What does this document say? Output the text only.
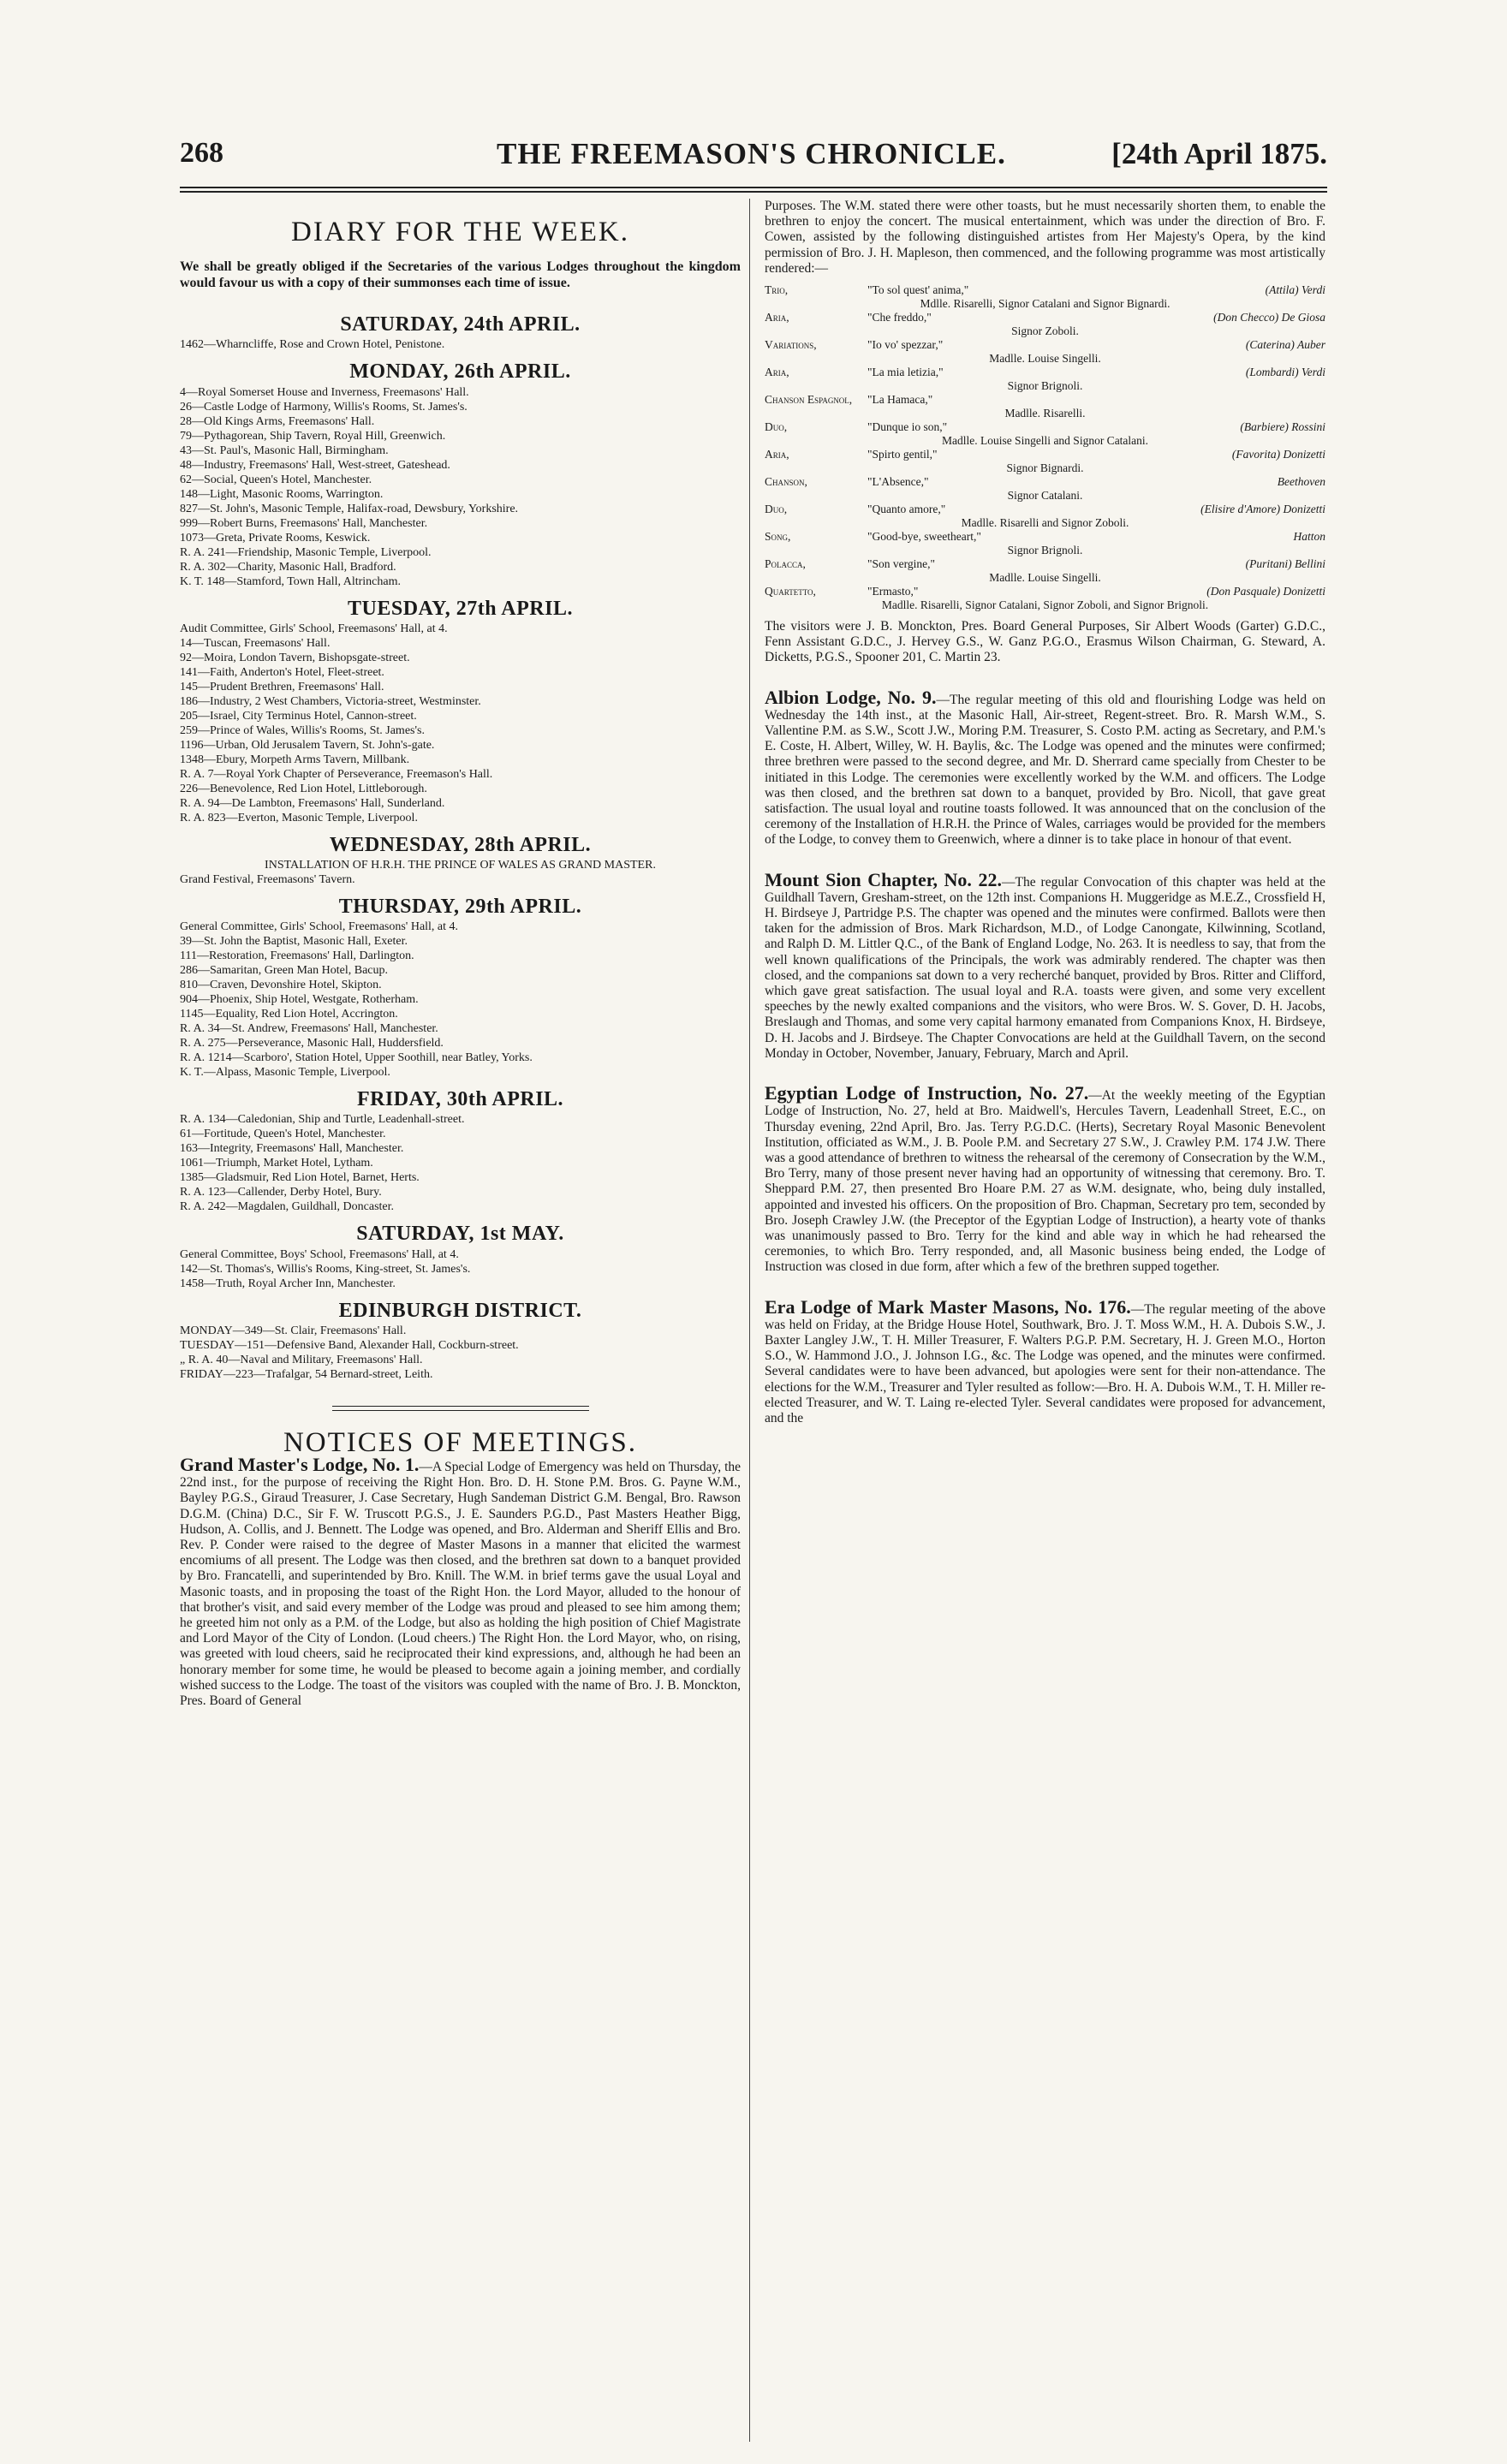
268	THE FREEMASON'S CHRONICLE.	[24th April 1875.
DIARY FOR THE WEEK.

We shall be greatly obliged if the Secretaries of the various Lodges throughout the kingdom would favour us with a copy of their summonses each time of issue.

SATURDAY, 24th APRIL.
1462—Wharncliffe, Rose and Crown Hotel, Penistone.
MONDAY, 26th APRIL.
4—Royal Somerset House and Inverness, Freemasons' Hall.
26—Castle Lodge of Harmony, Willis's Rooms, St. James's.
28—Old Kings Arms, Freemasons' Hall.
79—Pythagorean, Ship Tavern, Royal Hill, Greenwich.
43—St. Paul's, Masonic Hall, Birmingham.
48—Industry, Freemasons' Hall, West-street, Gateshead.
62—Social, Queen's Hotel, Manchester.
148—Light, Masonic Rooms, Warrington.
827—St. John's, Masonic Temple, Halifax-road, Dewsbury, Yorkshire.
999—Robert Burns, Freemasons' Hall, Manchester.
1073—Greta, Private Rooms, Keswick.
R. A. 241—Friendship, Masonic Temple, Liverpool.
R. A. 302—Charity, Masonic Hall, Bradford.
K. T. 148—Stamford, Town Hall, Altrincham.
TUESDAY, 27th APRIL.
Audit Committee, Girls' School, Freemasons' Hall, at 4.
14—Tuscan, Freemasons' Hall.
92—Moira, London Tavern, Bishopsgate-street.
141—Faith, Anderton's Hotel, Fleet-street.
145—Prudent Brethren, Freemasons' Hall.
186—Industry, 2 West Chambers, Victoria-street, Westminster.
205—Israel, City Terminus Hotel, Cannon-street.
259—Prince of Wales, Willis's Rooms, St. James's.
1196—Urban, Old Jerusalem Tavern, St. John's-gate.
1348—Ebury, Morpeth Arms Tavern, Millbank.
R. A. 7—Royal York Chapter of Perseverance, Freemason's Hall.
226—Benevolence, Red Lion Hotel, Littleborough.
R. A. 94—De Lambton, Freemasons' Hall, Sunderland.
R. A. 823—Everton, Masonic Temple, Liverpool.
WEDNESDAY, 28th APRIL.
INSTALLATION OF H.R.H. THE PRINCE OF WALES AS GRAND MASTER.
Grand Festival, Freemasons' Tavern.
THURSDAY, 29th APRIL.
General Committee, Girls' School, Freemasons' Hall, at 4.
39—St. John the Baptist, Masonic Hall, Exeter.
111—Restoration, Freemasons' Hall, Darlington.
286—Samaritan, Green Man Hotel, Bacup.
810—Craven, Devonshire Hotel, Skipton.
904—Phoenix, Ship Hotel, Westgate, Rotherham.
1145—Equality, Red Lion Hotel, Accrington.
R. A. 34—St. Andrew, Freemasons' Hall, Manchester.
R. A. 275—Perseverance, Masonic Hall, Huddersfield.
R. A. 1214—Scarboro', Station Hotel, Upper Soothill, near Batley, Yorks.
K. T.—Alpass, Masonic Temple, Liverpool.
FRIDAY, 30th APRIL.
R. A. 134—Caledonian, Ship and Turtle, Leadenhall-street.
61—Fortitude, Queen's Hotel, Manchester.
163—Integrity, Freemasons' Hall, Manchester.
1061—Triumph, Market Hotel, Lytham.
1385—Gladsmuir, Red Lion Hotel, Barnet, Herts.
R. A. 123—Callender, Derby Hotel, Bury.
R. A. 242—Magdalen, Guildhall, Doncaster.
SATURDAY, 1st MAY.
General Committee, Boys' School, Freemasons' Hall, at 4.
142—St. Thomas's, Willis's Rooms, King-street, St. James's.
1458—Truth, Royal Archer Inn, Manchester.
EDINBURGH DISTRICT.
MONDAY—349—St. Clair, Freemasons' Hall.
TUESDAY—151—Defensive Band, Alexander Hall, Cockburn-street.
„ R. A. 40—Naval and Military, Freemasons' Hall.
FRIDAY—223—Trafalgar, 54 Bernard-street, Leith.
NOTICES OF MEETINGS.

Grand Master's Lodge, No. 1.—A Special Lodge of Emergency was held on Thursday, the 22nd inst., for the purpose of receiving the Right Hon. Bro. D. H. Stone P.M. Bros. G. Payne W.M., Bayley P.G.S., Giraud Treasurer, J. Case Secretary, Hugh Sandeman District G.M. Bengal, Bro. Rawson D.G.M. (China) D.C., Sir F. W. Truscott P.G.S., J. E. Saunders P.G.D., Past Masters Heather Bigg, Hudson, A. Collis, and J. Bennett. The Lodge was opened, and Bro. Alderman and Sheriff Ellis and Bro. Rev. P. Conder were raised to the degree of Master Masons in a manner that elicited the warmest encomiums of all present. The Lodge was then closed, and the brethren sat down to a banquet provided by Bro. Francatelli, and superintended by Bro. Knill. The W.M. in brief terms gave the usual Loyal and Masonic toasts, and in proposing the toast of the Right Hon. the Lord Mayor, alluded to the honour of that brother's visit, and said every member of the Lodge was proud and pleased to see him among them; he greeted him not only as a P.M. of the Lodge, but also as holding the high position of Chief Magistrate and Lord Mayor of the City of London. (Loud cheers.) The Right Hon. the Lord Mayor, who, on rising, was greeted with loud cheers, said he reciprocated their kind expressions, and, although he had been an honorary member for some time, he would be pleased to become again a joining member, and cordially wished success to the Lodge. The toast of the visitors was coupled with the name of Bro. J. B. Monckton, Pres. Board of General

Purposes. The W.M. stated there were other toasts, but he must necessarily shorten them, to enable the brethren to enjoy the concert. The musical entertainment, which was under the direction of Bro. F. Cowen, assisted by the following distinguished artistes from Her Majesty's Opera, by the kind permission of Bro. J. H. Mapleson, then commenced, and the following programme was most artistically rendered:—

Trio,	"To sol quest' anima,"	(Attila) Verdi
Mdlle. Risarelli, Signor Catalani and Signor Bignardi.
Aria,	"Che freddo,"	(Don Checco) De Giosa
Signor Zoboli.
Variations,	"Io vo' spezzar,"	(Caterina) Auber
Madlle. Louise Singelli.
Aria,	"La mia letizia,"	(Lombardi) Verdi
Signor Brignoli.
Chanson Espagnol,	"La Hamaca,"	
Madlle. Risarelli.
Duo,	"Dunque io son,"	(Barbiere) Rossini
Madlle. Louise Singelli and Signor Catalani.
Aria,	"Spirto gentil,"	(Favorita) Donizetti
Signor Bignardi.
Chanson,	"L'Absence,"	Beethoven
Signor Catalani.
Duo,	"Quanto amore,"	(Elisire d'Amore) Donizetti
Madlle. Risarelli and Signor Zoboli.
Song,	"Good-bye, sweetheart,"	Hatton
Signor Brignoli.
Polacca,	"Son vergine,"	(Puritani) Bellini
Madlle. Louise Singelli.
Quartetto,	"Ermasto,"	(Don Pasquale) Donizetti
Madlle. Risarelli, Signor Catalani, Signor Zoboli, and Signor Brignoli.

The visitors were J. B. Monckton, Pres. Board General Purposes, Sir Albert Woods (Garter) G.D.C., Fenn Assistant G.D.C., J. Hervey G.S., W. Ganz P.G.O., Erasmus Wilson Chairman, G. Steward, A. Dicketts, P.G.S., Spooner 201, C. Martin 23.

Albion Lodge, No. 9.—The regular meeting of this old and flourishing Lodge was held on Wednesday the 14th inst., at the Masonic Hall, Air-street, Regent-street. Bro. R. Marsh W.M., S. Vallentine P.M. as S.W., Scott J.W., Moring P.M. Treasurer, S. Costo P.M. acting as Secretary, and P.M.'s E. Coste, H. Albert, Willey, W. H. Baylis, &c. The Lodge was opened and the minutes were confirmed; three brethren were passed to the second degree, and Mr. D. Sherrard came specially from Chester to be initiated in this Lodge. The ceremonies were excellently worked by the W.M. and officers. The Lodge was then closed, and the brethren sat down to a banquet, provided by Bro. Nicoll, that gave great satisfaction. The usual loyal and routine toasts followed. It was announced that on the conclusion of the ceremony of the Installation of H.R.H. the Prince of Wales, carriages would be provided for the members of the Lodge, to convey them to Greenwich, where a dinner is to take place in honour of that event.

Mount Sion Chapter, No. 22.—The regular Convocation of this chapter was held at the Guildhall Tavern, Gresham-street, on the 12th inst. Companions H. Muggeridge as M.E.Z., Crossfield H, H. Birdseye J, Partridge P.S. The chapter was opened and the minutes were confirmed. Ballots were then taken for the admission of Bros. Mark Richardson, M.D., of Lodge Canongate, Kilwinning, Scotland, and Ralph D. M. Littler Q.C., of the Bank of England Lodge, No. 263. It is needless to say, that from the well known qualifications of the Principals, the work was admirably rendered. The chapter was then closed, and the companions sat down to a very recherché banquet, provided by Bros. Ritter and Clifford, which gave great satisfaction. The usual loyal and R.A. toasts were given, and some very excellent speeches by the newly exalted companions and the visitors, who were Bros. W. S. Gover, D. H. Jacobs, Breslaugh and Thomas, and some very capital harmony emanated from Companions Knox, H. Birdseye, D. H. Jacobs and J. Birdseye. The Chapter Convocations are held at the Guildhall Tavern, on the second Monday in October, November, January, February, March and April.

Egyptian Lodge of Instruction, No. 27.—At the weekly meeting of the Egyptian Lodge of Instruction, No. 27, held at Bro. Maidwell's, Hercules Tavern, Leadenhall Street, E.C., on Thursday evening, 22nd April, Bro. Jas. Terry P.G.D.C. (Herts), Secretary Royal Masonic Benevolent Institution, officiated as W.M., J. B. Poole P.M. and Secretary 27 S.W., J. Crawley P.M. 174 J.W. There was a good attendance of brethren to witness the rehearsal of the ceremony of Consecration by the W.M., Bro Terry, many of those present never having had an opportunity of witnessing that ceremony. Bro. T. Sheppard P.M. 27, then presented Bro Hoare P.M. 27 as W.M. designate, who, being duly installed, appointed and invested his officers. On the proposition of Bro. Chapman, Secretary pro tem, seconded by Bro. Joseph Crawley J.W. (the Preceptor of the Egyptian Lodge of Instruction), a hearty vote of thanks was unanimously passed to Bro. Terry for the kind and able way in which he had rehearsed the ceremonies, to which Bro. Terry responded, and, all Masonic business being ended, the Lodge of Instruction was closed in due form, after which a few of the brethren supped together.

Era Lodge of Mark Master Masons, No. 176.—The regular meeting of the above was held on Friday, at the Bridge House Hotel, Southwark, Bro. J. T. Moss W.M., H. A. Dubois S.W., J. Baxter Langley J.W., T. H. Miller Treasurer, F. Walters P.G.P. P.M. Secretary, H. J. Green M.O., Horton S.O., W. Hammond J.O., J. Johnson I.G., &c. The Lodge was opened, and the minutes were confirmed. Several candidates were to have been advanced, but apologies were sent for their non-attendance. The elections for the W.M., Treasurer and Tyler resulted as follow:—Bro. H. A. Dubois W.M., T. H. Miller re-elected Treasurer, and W. T. Laing re-elected Tyler. Several candidates were proposed for advancement, and the
